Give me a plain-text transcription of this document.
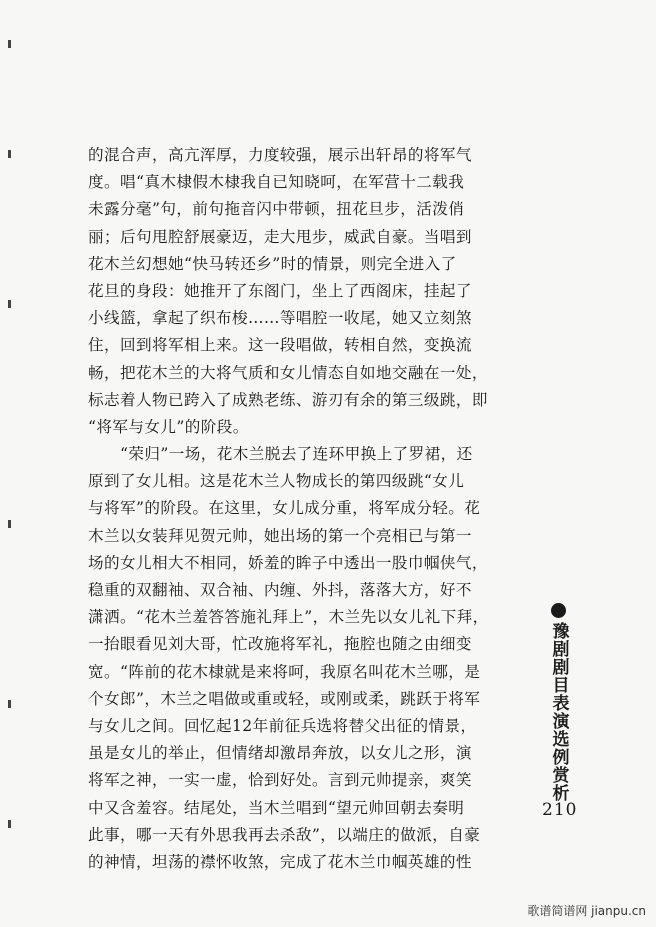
的混合声，高亢浑厚，力度较强，展示出轩昂的将军气
度。唱“真木棣假木棣我自已知晓呵，在军营十二载我
未露分毫”句，前句拖音闪中带顿，扭花旦步，活泼俏
丽；后句甩腔舒展豪迈，走大甩步，威武自豪。当唱到
花木兰幻想她“快马转还乡”时的情景，则完全进入了
花旦的身段：她推开了东阁门，坐上了西阁床，挂起了
小线篮，拿起了织布梭……等唱腔一收尾，她又立刻煞
住，回到将军相上来。这一段唱做，转相自然，变换流
畅，把花木兰的大将气质和女儿情态自如地交融在一处，
标志着人物已跨入了成熟老练、游刃有余的第三级跳，即
“将军与女儿”的阶段。
“荣归”一场，花木兰脱去了连环甲换上了罗裙，还
原到了女儿相。这是花木兰人物成长的第四级跳“女儿
与将军”的阶段。在这里，女儿成分重，将军成分轻。花
木兰以女装拜见贺元帅，她出场的第一个亮相已与第一
场的女儿相大不相同，娇羞的眸子中透出一股巾帼侠气，
稳重的双翻袖、双合袖、内缠、外抖，落落大方，好不
潇洒。“花木兰羞答答施礼拜上”，木兰先以女儿礼下拜，
一抬眼看见刘大哥，忙改施将军礼，拖腔也随之由细变
宽。“阵前的花木棣就是来将呵，我原名叫花木兰哪，是
个女郎”，木兰之唱做或重或轻，或刚或柔，跳跃于将军
与女儿之间。回忆起12年前征兵选将替父出征的情景，
虽是女儿的举止，但情绪却激昂奔放，以女儿之形，演
将军之神，一实一虚，恰到好处。言到元帅提亲，爽笑
中又含羞容。结尾处，当木兰唱到“望元帅回朝去奏明
此事，哪一天有外思我再去杀敌”，以端庄的做派，自豪
的神情，坦荡的襟怀收煞，完成了花木兰巾帼英雄的性
豫剧剧目表演选例赏析
210
歌谱简谱网 jianpu.cn
